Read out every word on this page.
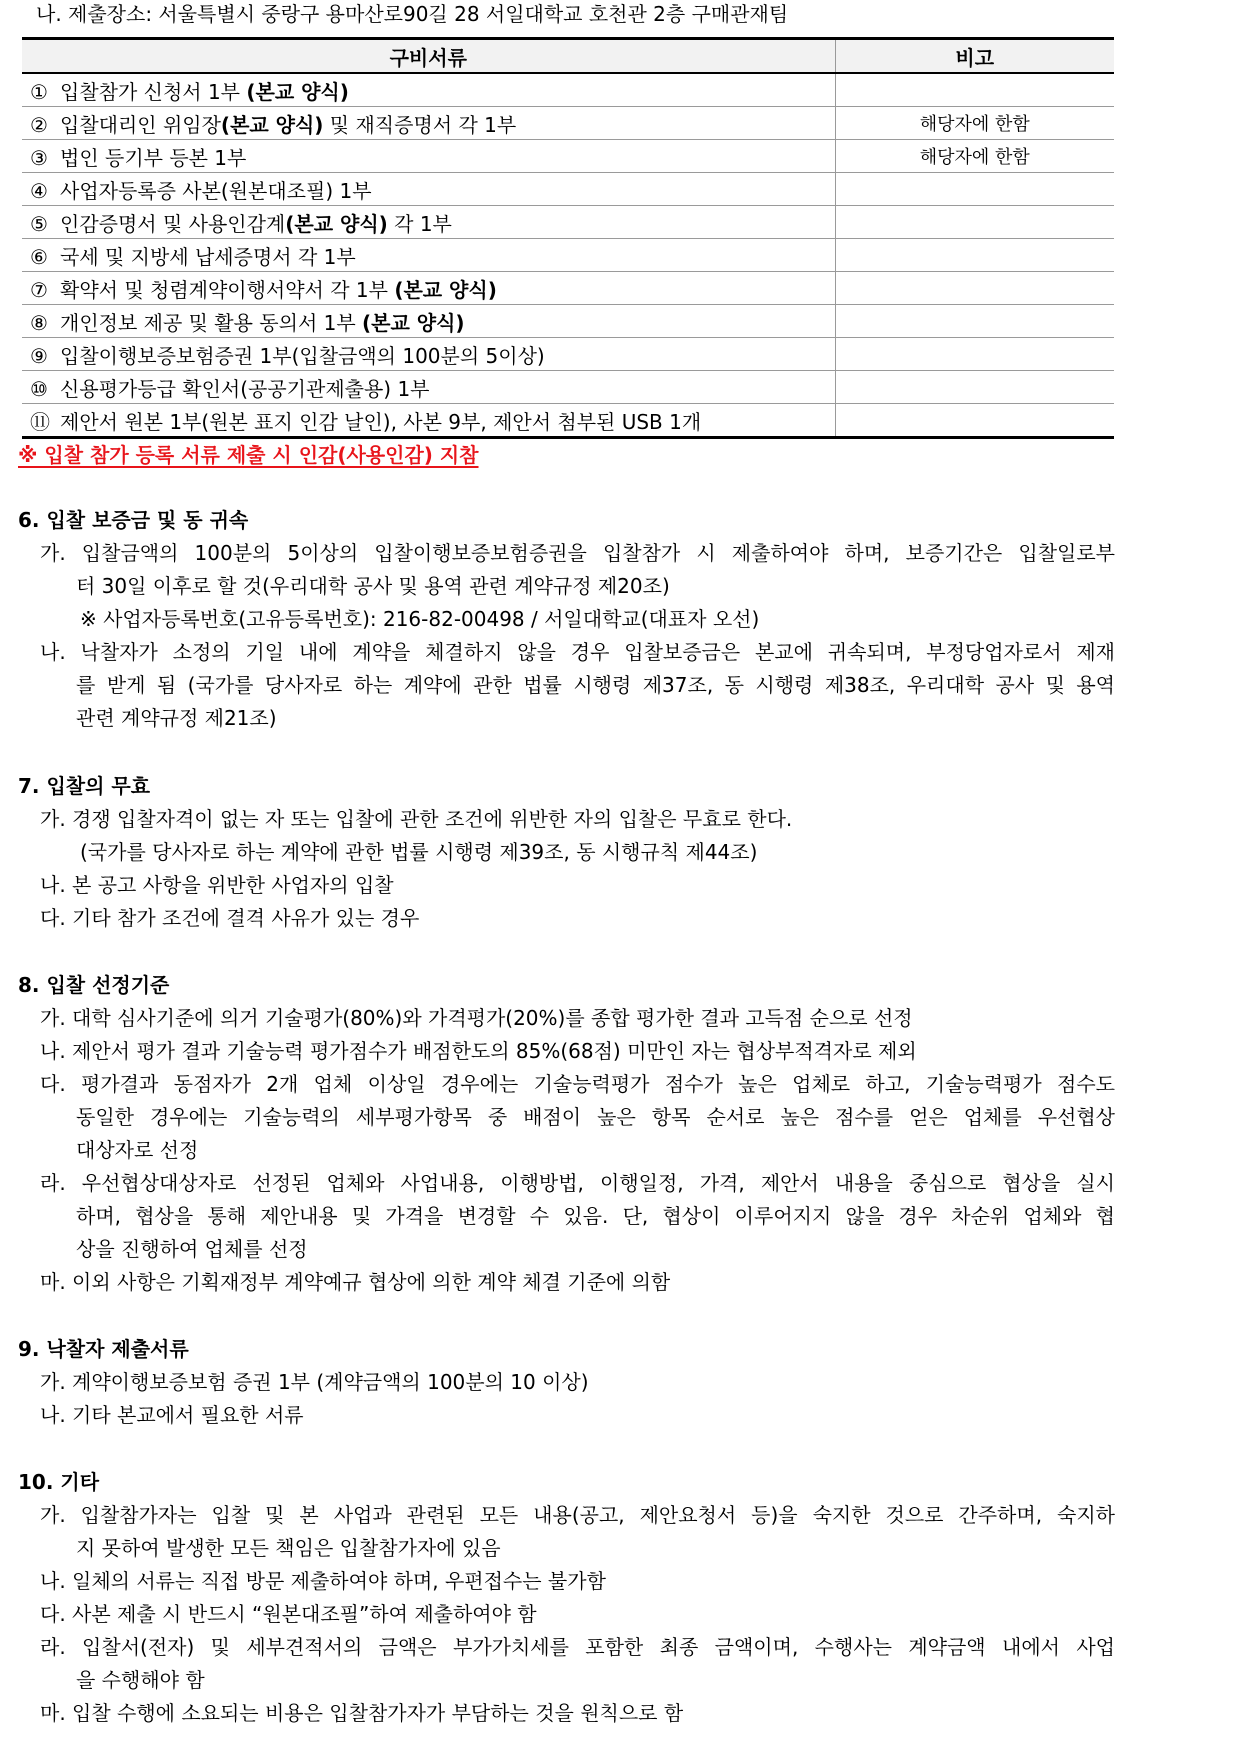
나. 제출장소: 서울특별시 중랑구 용마산로90길 28 서일대학교 호천관 2층 구매관재팀
구비서류	비고
① 입찰참가 신청서 1부 (본교 양식)	
② 입찰대리인 위임장(본교 양식) 및 재직증명서 각 1부	해당자에 한함
③ 법인 등기부 등본 1부	해당자에 한함
④ 사업자등록증 사본(원본대조필) 1부	
⑤ 인감증명서 및 사용인감계(본교 양식) 각 1부	
⑥ 국세 및 지방세 납세증명서 각 1부	
⑦ 확약서 및 청렴계약이행서약서 각 1부 (본교 양식)	
⑧ 개인정보 제공 및 활용 동의서 1부 (본교 양식)	
⑨ 입찰이행보증보험증권 1부(입찰금액의 100분의 5이상)	
⑩ 신용평가등급 확인서(공공기관제출용) 1부	
⑪ 제안서 원본 1부(원본 표지 인감 날인), 사본 9부, 제안서 첨부된 USB 1개	
※ 입찰 참가 등록 서류 제출 시 인감(사용인감) 지참
6. 입찰 보증금 및 동 귀속
가. 입찰금액의 100분의 5이상의 입찰이행보증보험증권을 입찰참가 시 제출하여야 하며, 보증기간은 입찰일로부
터 30일 이후로 할 것(우리대학 공사 및 용역 관련 계약규정 제20조)
※ 사업자등록번호(고유등록번호): 216-82-00498 / 서일대학교(대표자 오선)
나. 낙찰자가 소정의 기일 내에 계약을 체결하지 않을 경우 입찰보증금은 본교에 귀속되며, 부정당업자로서 제재
를 받게 됨 (국가를 당사자로 하는 계약에 관한 법률 시행령 제37조, 동 시행령 제38조, 우리대학 공사 및 용역
관련 계약규정 제21조)
7. 입찰의 무효
가. 경쟁 입찰자격이 없는 자 또는 입찰에 관한 조건에 위반한 자의 입찰은 무효로 한다.
(국가를 당사자로 하는 계약에 관한 법률 시행령 제39조, 동 시행규칙 제44조)
나. 본 공고 사항을 위반한 사업자의 입찰
다. 기타 참가 조건에 결격 사유가 있는 경우
8. 입찰 선정기준
가. 대학 심사기준에 의거 기술평가(80%)와 가격평가(20%)를 종합 평가한 결과 고득점 순으로 선정
나. 제안서 평가 결과 기술능력 평가점수가 배점한도의 85%(68점) 미만인 자는 협상부적격자로 제외
다. 평가결과 동점자가 2개 업체 이상일 경우에는 기술능력평가 점수가 높은 업체로 하고, 기술능력평가 점수도
동일한 경우에는 기술능력의 세부평가항목 중 배점이 높은 항목 순서로 높은 점수를 얻은 업체를 우선협상
대상자로 선정
라. 우선협상대상자로 선정된 업체와 사업내용, 이행방법, 이행일정, 가격, 제안서 내용을 중심으로 협상을 실시
하며, 협상을 통해 제안내용 및 가격을 변경할 수 있음. 단, 협상이 이루어지지 않을 경우 차순위 업체와 협
상을 진행하여 업체를 선정
마. 이외 사항은 기획재정부 계약예규 협상에 의한 계약 체결 기준에 의함
9. 낙찰자 제출서류
가. 계약이행보증보험 증권 1부 (계약금액의 100분의 10 이상)
나. 기타 본교에서 필요한 서류
10. 기타
가. 입찰참가자는 입찰 및 본 사업과 관련된 모든 내용(공고, 제안요청서 등)을 숙지한 것으로 간주하며, 숙지하
지 못하여 발생한 모든 책임은 입찰참가자에 있음
나. 일체의 서류는 직접 방문 제출하여야 하며, 우편접수는 불가함
다. 사본 제출 시 반드시 “원본대조필”하여 제출하여야 함
라. 입찰서(전자) 및 세부견적서의 금액은 부가가치세를 포함한 최종 금액이며, 수행사는 계약금액 내에서 사업
을 수행해야 함
마. 입찰 수행에 소요되는 비용은 입찰참가자가 부담하는 것을 원칙으로 함
